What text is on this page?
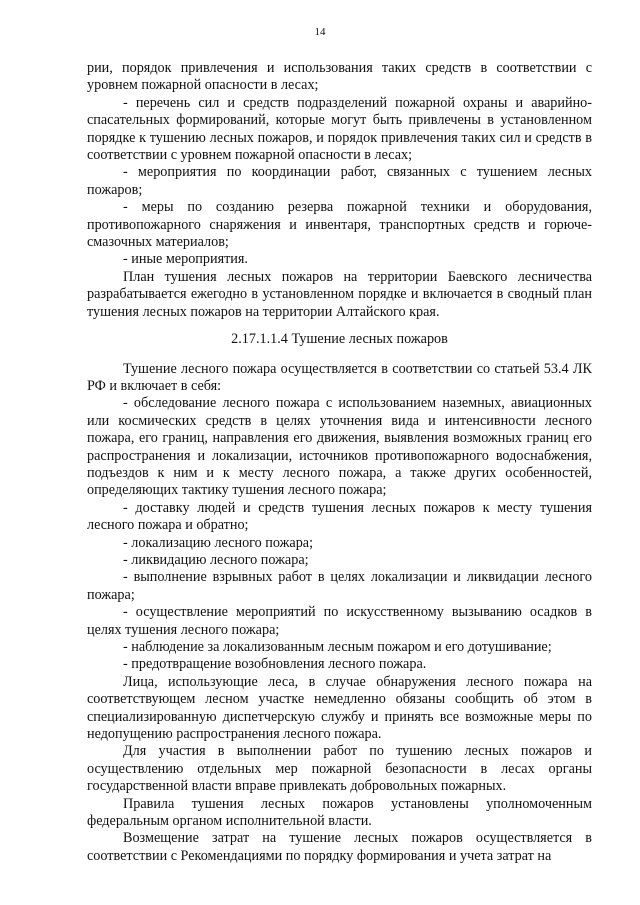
14

рии, порядок привлечения и использования таких средств в соответствии с уровнем пожарной опасности в лесах;

- перечень сил и средств подразделений пожарной охраны и аварийно-спасательных формирований, которые могут быть привлечены в установленном порядке к тушению лесных пожаров, и порядок привлечения таких сил и средств в соответствии с уровнем пожарной опасности в лесах;

- мероприятия по координации работ, связанных с тушением лесных пожаров;

- меры по созданию резерва пожарной техники и оборудования, противопожарного снаряжения и инвентаря, транспортных средств и горюче-смазочных материалов;

- иные мероприятия.

План тушения лесных пожаров на территории Баевского лесничества разрабатывается ежегодно в установленном порядке и включается в сводный план тушения лесных пожаров на территории Алтайского края.

2.17.1.1.4 Тушение лесных пожаров

Тушение лесного пожара осуществляется в соответствии со статьей 53.4 ЛК РФ и включает в себя:

- обследование лесного пожара с использованием наземных, авиационных или космических средств в целях уточнения вида и интенсивности лесного пожара, его границ, направления его движения, выявления возможных границ его распространения и локализации, источников противопожарного водоснабжения, подъездов к ним и к месту лесного пожара, а также других особенностей, определяющих тактику тушения лесного пожара;

- доставку людей и средств тушения лесных пожаров к месту тушения лесного пожара и обратно;

- локализацию лесного пожара;

- ликвидацию лесного пожара;

- выполнение взрывных работ в целях локализации и ликвидации лесного пожара;

- осуществление мероприятий по искусственному вызыванию осадков в целях тушения лесного пожара;

- наблюдение за локализованным лесным пожаром и его дотушивание;

- предотвращение возобновления лесного пожара.

Лица, использующие леса, в случае обнаружения лесного пожара на соответствующем лесном участке немедленно обязаны сообщить об этом в специализированную диспетчерскую службу и принять все возможные меры по недопущению распространения лесного пожара.

Для участия в выполнении работ по тушению лесных пожаров и осуществлению отдельных мер пожарной безопасности в лесах органы государственной власти вправе привлекать добровольных пожарных.

Правила тушения лесных пожаров установлены уполномоченным федеральным органом исполнительной власти.

Возмещение затрат на тушение лесных пожаров осуществляется в соответствии с Рекомендациями по порядку формирования и учета затрат на
